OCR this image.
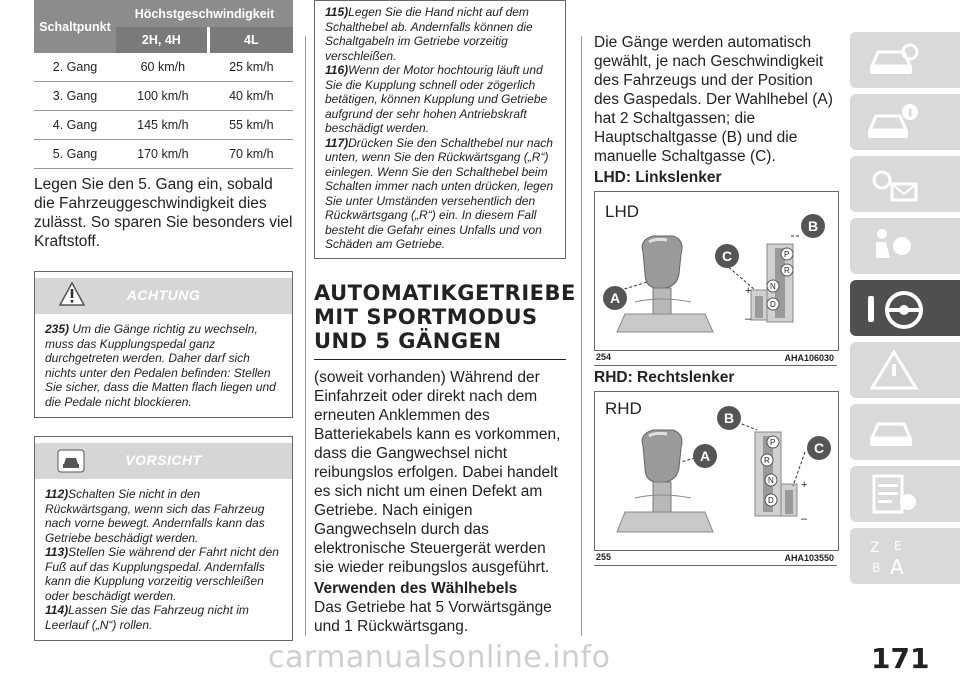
Schaltpunkt	Höchstgeschwindigkeit		
	2H, 4H		4L
2. Gang	60 km/h		25 km/h
3. Gang	100 km/h		40 km/h
4. Gang	145 km/h		55 km/h
5. Gang	170 km/h		70 km/h

Legen Sie den 5. Gang ein, sobald die Fahrzeuggeschwindigkeit dies zulässt. So sparen Sie besonders viel Kraftstoff.

ACHTUNG
235) Um die Gänge richtig zu wechseln, muss das Kupplungspedal ganz durchgetreten werden. Daher darf sich nichts unter den Pedalen befinden: Stellen Sie sicher, dass die Matten flach liegen und die Pedale nicht blockieren.
VORSICHT
112)Schalten Sie nicht in den Rückwärtsgang, wenn sich das Fahrzeug nach vorne bewegt. Andernfalls kann das Getriebe beschädigt werden.
113)Stellen Sie während der Fahrt nicht den Fuß auf das Kupplungspedal. Andernfalls kann die Kupplung vorzeitig verschleißen oder beschädigt werden.
114)Lassen Sie das Fahrzeug nicht im Leerlauf („N“) rollen.
115)Legen Sie die Hand nicht auf dem Schalthebel ab. Andernfalls können die Schaltgabeln im Getriebe vorzeitig verschleißen.
116)Wenn der Motor hochtourig läuft und Sie die Kupplung schnell oder zögerlich betätigen, können Kupplung und Getriebe aufgrund der sehr hohen Antriebskraft beschädigt werden.
117)Drücken Sie den Schalthebel nur nach unten, wenn Sie den Rückwärtsgang („R“) einlegen. Wenn Sie den Schalthebel beim Schalten immer nach unten drücken, legen Sie unter Umständen versehentlich den Rückwärtsgang („R“) ein. In diesem Fall besteht die Gefahr eines Unfalls und von Schäden am Getriebe.
AUTOMATIKGETRIEBE
MIT SPORTMODUS
UND 5 GÄNGEN

(soweit vorhanden) Während der Einfahrzeit oder direkt nach dem erneuten Anklemmen des Batteriekabels kann es vorkommen, dass die Gangwechsel nicht reibungslos erfolgen. Dabei handelt es sich nicht um einen Defekt am Getriebe. Nach einigen Gangwechseln durch das elektronische Steuergerät werden sie wieder reibungslos ausgeführt.

Verwenden des Wählhebels

Das Getriebe hat 5 Vorwärtsgänge und 1 Rückwärtsgang.

Die Gänge werden automatisch gewählt, je nach Geschwindigkeit des Fahrzeugs und der Position des Gaspedals. Der Wahlhebel (A) hat 2 Schaltgassen; die Hauptschaltgasse (B) und die manuelle Schaltgasse (C).

LHD: Linkslenker
LHD
P
R
N
D
+
–
B
C
A
254	AHA106030
RHD: Rechtslenker
RHD
P
R
N
D
+
–
B
A	C
255	AHA103550
Z E
B A
171
carmanualsonline.info
